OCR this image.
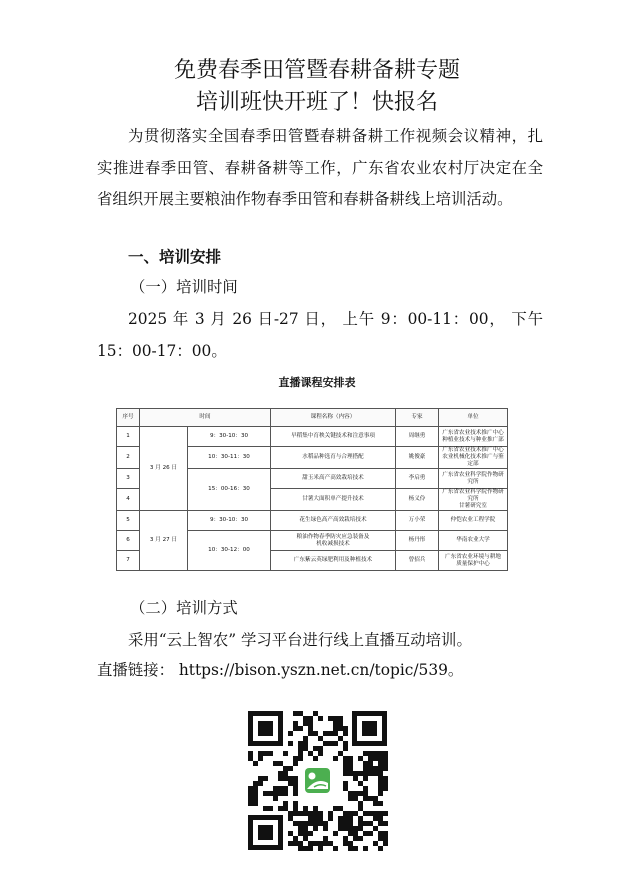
免费春季田管暨春耕备耕专题
培训班快开班了！快报名

为贯彻落实全国春季田管暨春耕备耕工作视频会议精神，扎实推进春季田管、春耕备耕等工作，广东省农业农村厅决定在全省组织开展主要粮油作物春季田管和春耕备耕线上培训活动。

一、培训安排
（一）培训时间

2025 年 3 月 26 日-27 日， 上午 9：00-11：00， 下午 15：00-17：00。

直播课程安排表
序号	时间		课程名称（内容）	专家	单位
1	3 月 26 日	9：30-10：30	早稻集中育秧关键技术和注意事项	周继勇	广东省农业技术推广中心
种植业技术与种业推广部

2		10：30-11：30	水稻品种选育与合理搭配	姚俊豪	广东省农业技术推广中心
农业机械化技术推广与鉴定部

3		15：00-16：30	甜玉米高产高效栽培技术	李启勇	广东省农业科学院作物研究所

4			甘薯大面积单产提升技术	杨义伶	广东省农业科学院作物研究所
甘薯研究室

5	3 月 27 日	9：30-10：30	花生绿色高产高效栽培技术	万小荣	仲恺农业工程学院

6		10：30-12：00	粮油作物春季防灾应急装备及
机收减损技术	杨丹彤	华南农业大学

7			广东紫云英绿肥利用及种植技术	曾招兵	广东省农业环境与耕地
质量保护中心
（二）培训方式

采用“云上智农” 学习平台进行线上直播互动培训。

直播链接： https://bison.yszn.net.cn/topic/539。
